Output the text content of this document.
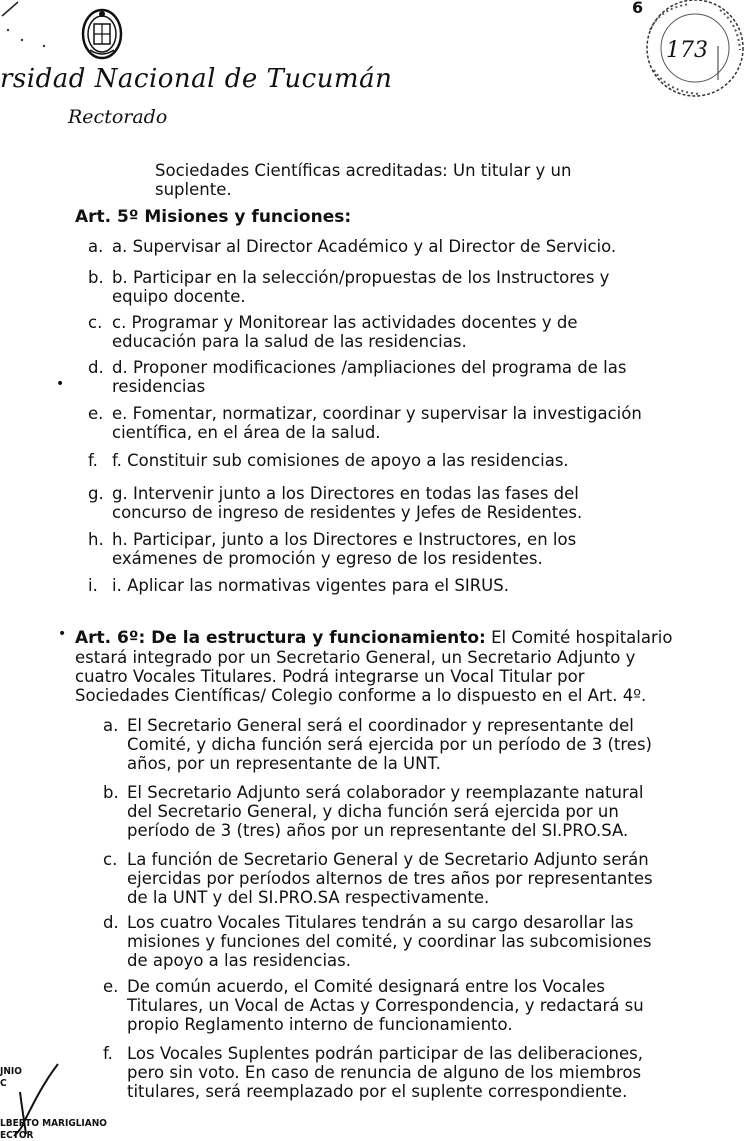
rsidad Nacional de Tucumán
Rectorado
6
173
Sociedades Científicas acreditadas: Un titular y un suplente.
Art. 5º Misiones y funciones:
a. a. Supervisar al Director Académico y al Director de Servicio.
b. b. Participar en la selección/propuestas de los Instructores y
equipo docente.
c. c. Programar y Monitorear las actividades docentes y de
educación para la salud de las residencias.
d. d. Proponer modificaciones /ampliaciones del programa de las
residencias
e. e. Fomentar, normatizar, coordinar y supervisar la investigación
científica, en el área de la salud.
f. f. Constituir sub comisiones de apoyo a las residencias.
g. g. Intervenir junto a los Directores en todas las fases del
concurso de ingreso de residentes y Jefes de Residentes.
h. h. Participar, junto a los Directores e Instructores, en los
exámenes de promoción y egreso de los residentes.
i. i. Aplicar las normativas vigentes para el SIRUS.
•
• Art. 6º: De la estructura y funcionamiento: El Comité hospitalario
estará integrado por un Secretario General, un Secretario Adjunto y
cuatro Vocales Titulares. Podrá integrarse un Vocal Titular por
Sociedades Científicas/ Colegio conforme a lo dispuesto en el Art. 4º.
a. El Secretario General será el coordinador y representante del
Comité, y dicha función será ejercida por un período de 3 (tres)
años, por un representante de la UNT.
b. El Secretario Adjunto será colaborador y reemplazante natural
del Secretario General, y dicha función será ejercida por un
período de 3 (tres) años por un representante del SI.PRO.SA.
c. La función de Secretario General y de Secretario Adjunto serán
ejercidas por períodos alternos de tres años por representantes
de la UNT y del SI.PRO.SA respectivamente.
d. Los cuatro Vocales Titulares tendrán a su cargo desarollar las
misiones y funciones del comité, y coordinar las subcomisiones
de apoyo a las residencias.
e. De común acuerdo, el Comité designará entre los Vocales
Titulares, un Vocal de Actas y Correspondencia, y redactará su
propio Reglamento interno de funcionamiento.
f. Los Vocales Suplentes podrán participar de las deliberaciones,
pero sin voto. En caso de renuncia de alguno de los miembros
titulares, será reemplazado por el suplente correspondiente.
JNIO
C
LBERTO MARIGLIANO
ECTOR
